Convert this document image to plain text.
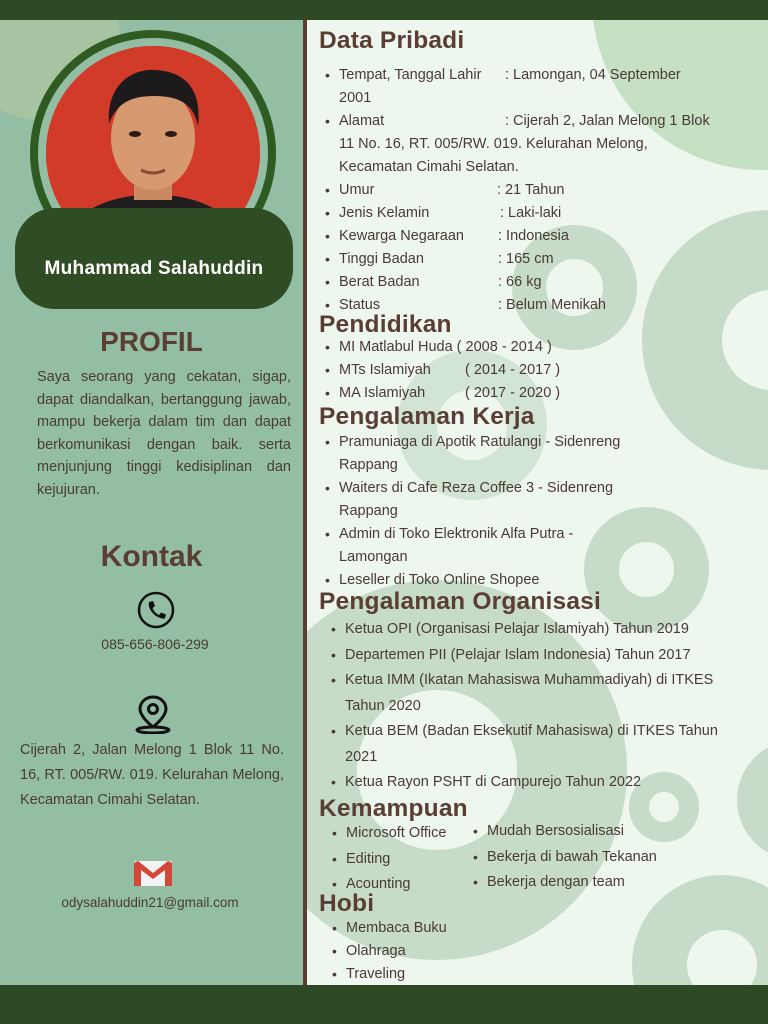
Muhammad Salahuddin
PROFIL
Saya seorang yang cekatan, sigap, dapat diandalkan, bertanggung jawab, mampu bekerja dalam tim dan dapat berkomunikasi dengan baik. serta menjunjung tinggi kedisiplinan dan kejujuran.
Kontak
085-656-806-299
Cijerah 2, Jalan Melong 1 Blok 11 No. 16, RT. 005/RW. 019. Kelurahan Melong, Kecamatan Cimahi Selatan.
odysalahuddin21@gmail.com
Data Pribadi
• Tempat, Tanggal Lahir : Lamongan, 04 September
2001
• Alamat	: Cijerah 2, Jalan Melong 1 Blok
11 No. 16, RT. 005/RW. 019. Kelurahan Melong,
Kecamatan Cimahi Selatan.
• Umur	: 21 Tahun
• Jenis Kelamin	: Laki-laki
• Kewarga Negaraan : Indonesia
• Tinggi Badan	: 165 cm
• Berat Badan	: 66 kg
• Status	: Belum Menikah
Pendidikan
• MI Matlabul Huda ( 2008 - 2014 )
• MTs Islamiyah ( 2014 - 2017 )
• MA Islamiyah	( 2017 - 2020 )
Pengalaman Kerja
• Pramuniaga di Apotik Ratulangi - Sidenreng
Rappang
• Waiters di Cafe Reza Coffee 3 - Sidenreng
Rappang
• Admin di Toko Elektronik Alfa Putra -
Lamongan
• Leseller di Toko Online Shopee
Pengalaman Organisasi
• Ketua OPI (Organisasi Pelajar Islamiyah) Tahun 2019
• Departemen PII (Pelajar Islam Indonesia) Tahun 2017
• Ketua IMM (Ikatan Mahasiswa Muhammadiyah) di ITKES
Tahun 2020
• Ketua BEM (Badan Eksekutif Mahasiswa) di ITKES Tahun
2021
• Ketua Rayon PSHT di Campurejo Tahun 2022
Kemampuan
• Microsoft Office
• Editing
• Acounting
• Mudah Bersosialisasi
• Bekerja di bawah Tekanan
• Bekerja dengan team
Hobi
• Membaca Buku
• Olahraga
• Traveling
